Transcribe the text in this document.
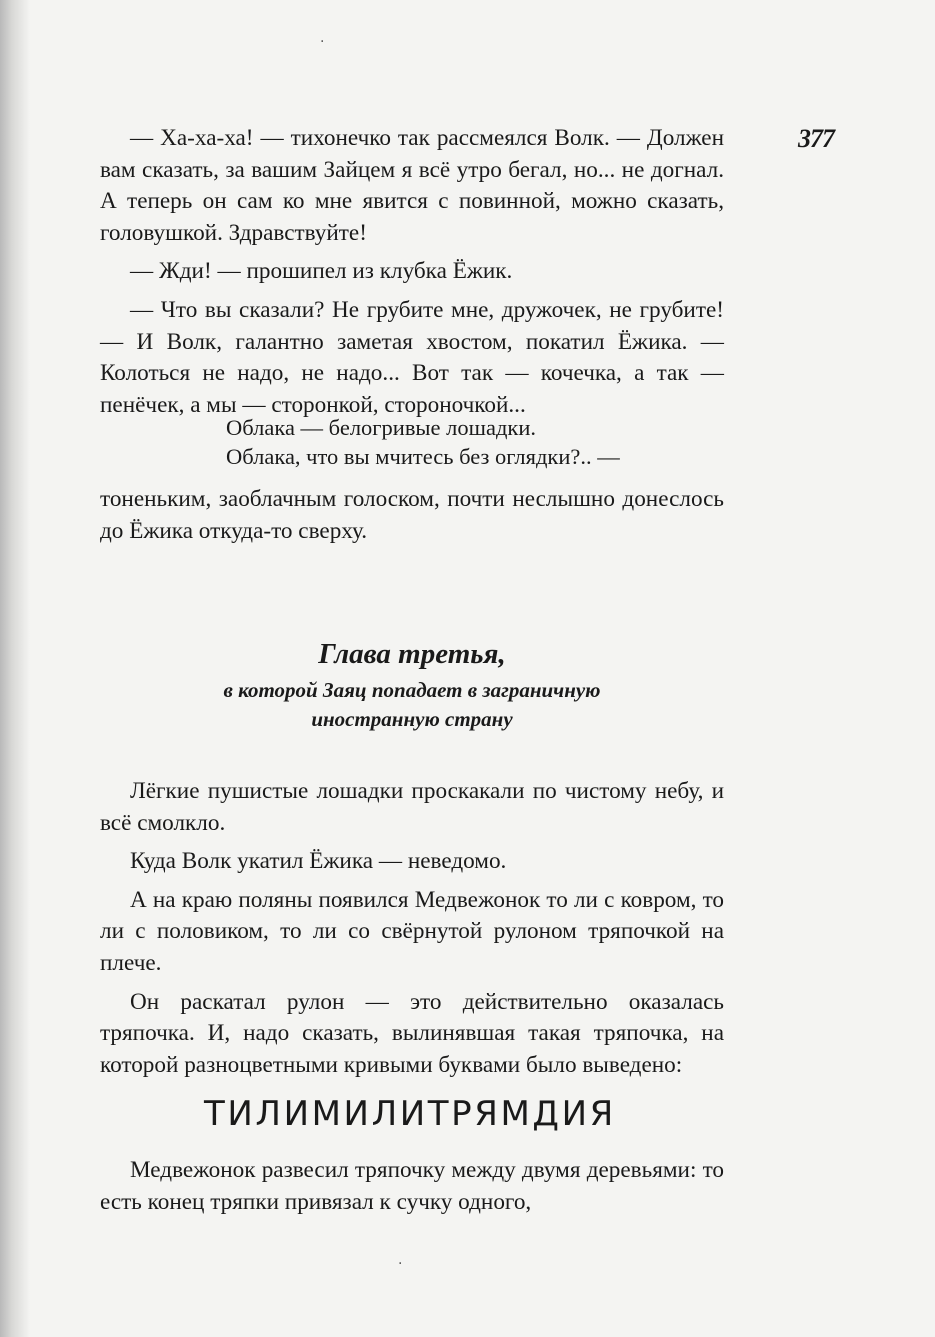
377

— Ха-ха-ха! — тихонечко так рассмеялся Волк. — Должен вам сказать, за вашим Зайцем я всё утро бегал, но... не догнал. А теперь он сам ко мне явится с повинной, можно сказать, головушкой. Здравствуйте!

— Жди! — прошипел из клубка Ёжик.

— Что вы сказали? Не грубите мне, дружочек, не грубите! — И Волк, галантно заметая хвостом, покатил Ёжика. — Колоться не надо, не надо... Вот так — кочечка, а так — пенёчек, а мы — сторонкой, стороночкой...

Облака — белогривые лошадки.
Облака, что вы мчитесь без оглядки?.. —

тоненьким, заоблачным голоском, почти неслышно донеслось до Ёжика откуда-то сверху.

Глава третья,
в которой Заяц попадает в заграничную
иностранную страну

Лёгкие пушистые лошадки проскакали по чистому небу, и всё смолкло.

Куда Волк укатил Ёжика — неведомо.

А на краю поляны появился Медвежонок то ли с ковром, то ли с половиком, то ли со свёрнутой рулоном тряпочкой на плече.

Он раскатал рулон — это действительно оказалась тряпочка. И, надо сказать, вылинявшая такая тряпочка, на которой разноцветными кривыми буквами было выведено:

ТИЛИМИЛИТРЯМДИЯ

Медвежонок развесил тряпочку между двумя деревьями: то есть конец тряпки привязал к сучку одного,

·
·
